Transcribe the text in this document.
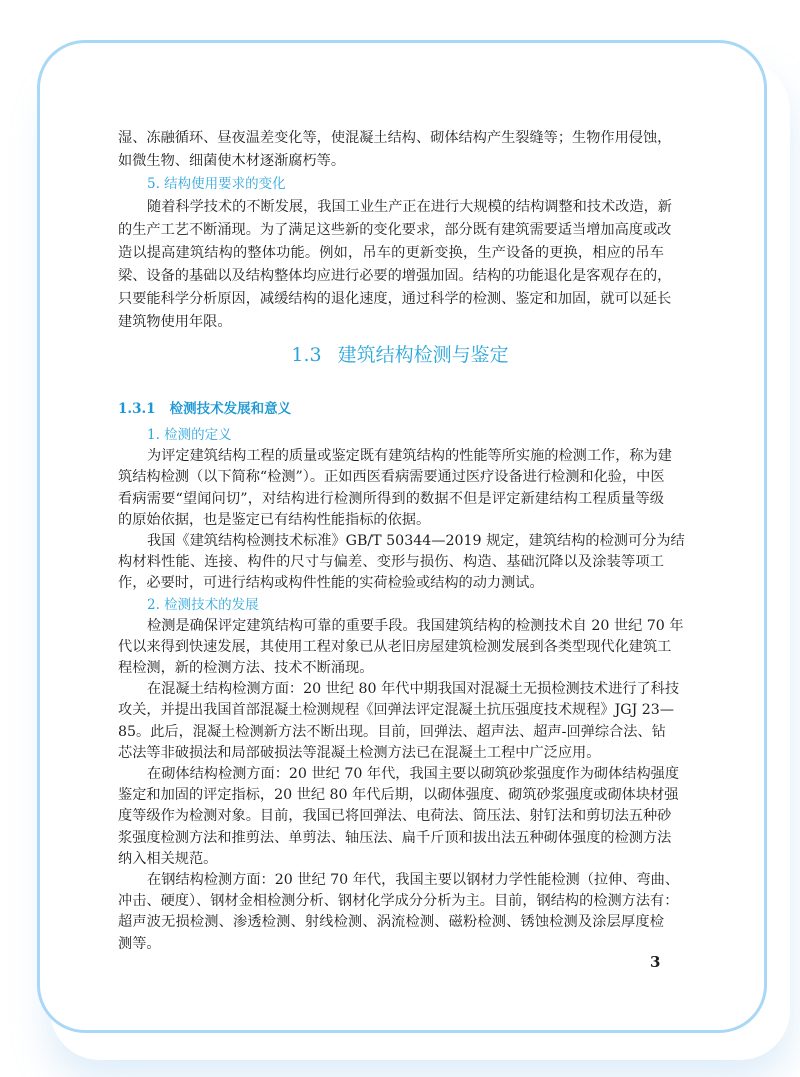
湿、冻融循环、昼夜温差变化等，使混凝土结构、砌体结构产生裂缝等；生物作用侵蚀，
如微生物、细菌使木材逐渐腐朽等。
5. 结构使用要求的变化
随着科学技术的不断发展，我国工业生产正在进行大规模的结构调整和技术改造，新
的生产工艺不断涌现。为了满足这些新的变化要求，部分既有建筑需要适当增加高度或改
造以提高建筑结构的整体功能。例如，吊车的更新变换，生产设备的更换，相应的吊车
梁、设备的基础以及结构整体均应进行必要的增强加固。结构的功能退化是客观存在的，
只要能科学分析原因，减缓结构的退化速度，通过科学的检测、鉴定和加固，就可以延长
建筑物使用年限。
1.3 建筑结构检测与鉴定
1.3.1 检测技术发展和意义
1. 检测的定义
为评定建筑结构工程的质量或鉴定既有建筑结构的性能等所实施的检测工作，称为建
筑结构检测（以下简称“检测”）。正如西医看病需要通过医疗设备进行检测和化验，中医
看病需要“望闻问切”，对结构进行检测所得到的数据不但是评定新建结构工程质量等级
的原始依据，也是鉴定已有结构性能指标的依据。
我国《建筑结构检测技术标准》GB/T 50344—2019 规定，建筑结构的检测可分为结
构材料性能、连接、构件的尺寸与偏差、变形与损伤、构造、基础沉降以及涂装等项工
作，必要时，可进行结构或构件性能的实荷检验或结构的动力测试。
2. 检测技术的发展
检测是确保评定建筑结构可靠的重要手段。我国建筑结构的检测技术自 20 世纪 70 年
代以来得到快速发展，其使用工程对象已从老旧房屋建筑检测发展到各类型现代化建筑工
程检测，新的检测方法、技术不断涌现。
在混凝土结构检测方面：20 世纪 80 年代中期我国对混凝土无损检测技术进行了科技
攻关，并提出我国首部混凝土检测规程《回弹法评定混凝土抗压强度技术规程》JGJ 23—
85。此后，混凝土检测新方法不断出现。目前，回弹法、超声法、超声-回弹综合法、钻
芯法等非破损法和局部破损法等混凝土检测方法已在混凝土工程中广泛应用。
在砌体结构检测方面：20 世纪 70 年代，我国主要以砌筑砂浆强度作为砌体结构强度
鉴定和加固的评定指标，20 世纪 80 年代后期，以砌体强度、砌筑砂浆强度或砌体块材强
度等级作为检测对象。目前，我国已将回弹法、电荷法、筒压法、射钉法和剪切法五种砂
浆强度检测方法和推剪法、单剪法、轴压法、扁千斤顶和拔出法五种砌体强度的检测方法
纳入相关规范。
在钢结构检测方面：20 世纪 70 年代，我国主要以钢材力学性能检测（拉伸、弯曲、
冲击、硬度）、钢材金相检测分析、钢材化学成分分析为主。目前，钢结构的检测方法有：
超声波无损检测、渗透检测、射线检测、涡流检测、磁粉检测、锈蚀检测及涂层厚度检
测等。
3
